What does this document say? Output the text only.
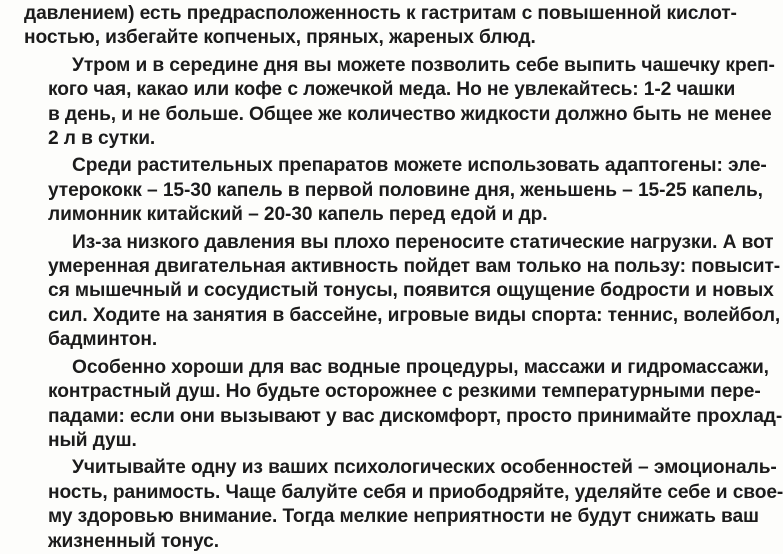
давлением) есть предрасположенность к гастритам с повышенной кислот-
ностью, избегайте копченых, пряных, жареных блюд.

Утром и в середине дня вы можете позволить себе выпить чашечку креп-
кого чая, какао или кофе с ложечкой меда. Но не увлекайтесь: 1-2 чашки
в день, и не больше. Общее же количество жидкости должно быть не менее
2 л в сутки.

Среди растительных препаратов можете использовать адаптогены: эле-
утерококк – 15-30 капель в первой половине дня, женьшень – 15-25 капель,
лимонник китайский – 20-30 капель перед едой и др.

Из-за низкого давления вы плохо переносите статические нагрузки. А вот
умеренная двигательная активность пойдет вам только на пользу: повысит-
ся мышечный и сосудистый тонусы, появится ощущение бодрости и новых
сил. Ходите на занятия в бассейне, игровые виды спорта: теннис, волейбол,
бадминтон.

Особенно хороши для вас водные процедуры, массажи и гидромассажи,
контрастный душ. Но будьте осторожнее с резкими температурными пере-
падами: если они вызывают у вас дискомфорт, просто принимайте прохлад-
ный душ.

Учитывайте одну из ваших психологических особенностей – эмоциональ-
ность, ранимость. Чаще балуйте себя и приободряйте, уделяйте себе и свое-
му здоровью внимание. Тогда мелкие неприятности не будут снижать ваш
жизненный тонус.
